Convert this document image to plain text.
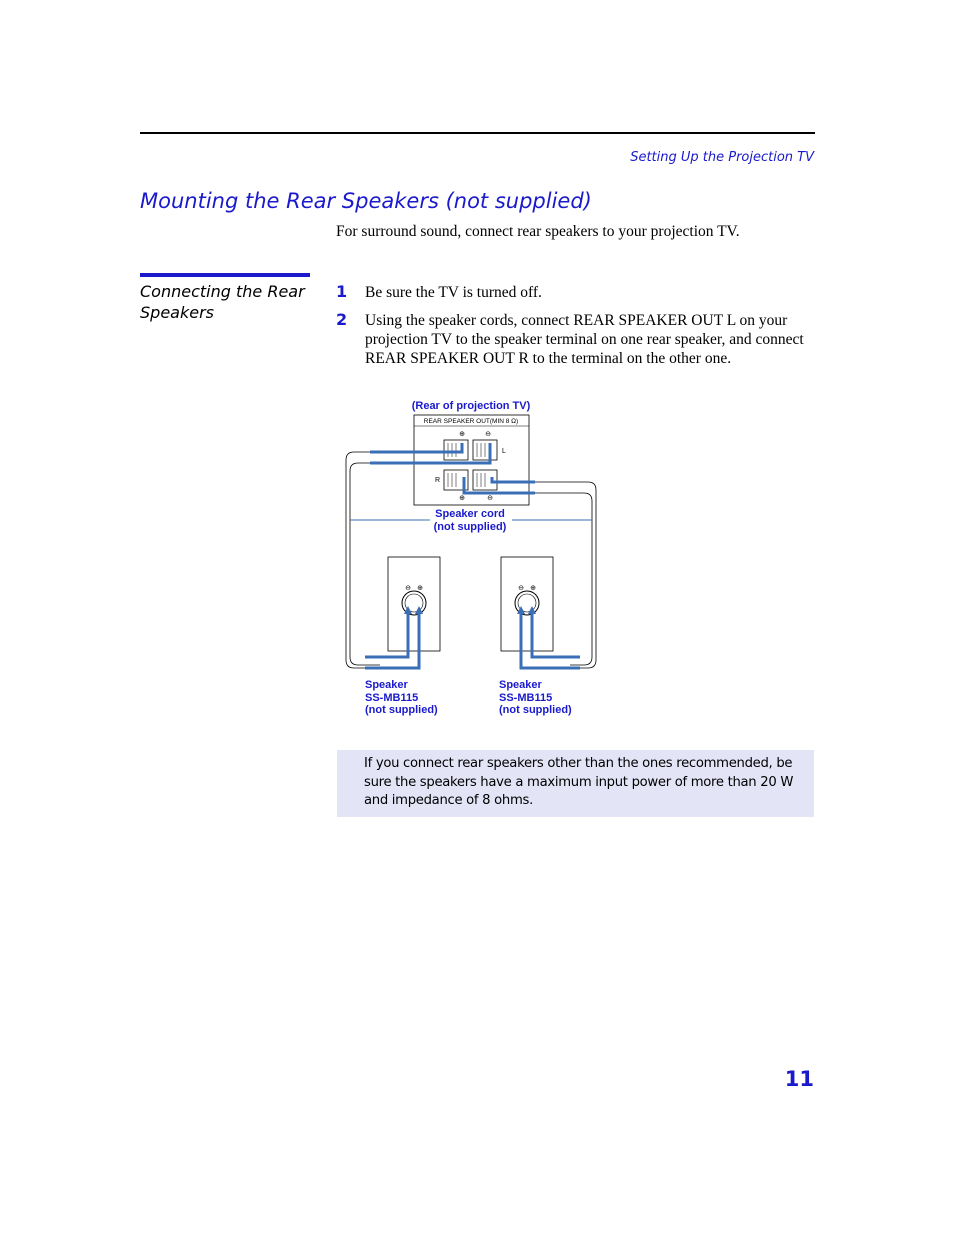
Setting Up the Projection TV
Mounting the Rear Speakers (not supplied)
For surround sound, connect rear speakers to your projection TV.
Connecting the Rear Speakers
1 Be sure the TV is turned off.
2 Using the speaker cords, connect REAR SPEAKER OUT L on your projection TV to the speaker terminal on one rear speaker, and connect REAR SPEAKER OUT R to the terminal on the other one.
(Rear of projection TV)
REAR SPEAKER OUT(MIN 8 Ω)
⊕	⊖
⊕	⊖
L
R
Speaker cord
(not supplied)
⊖ ⊕	⊖ ⊕
Speaker
SS-MB115
(not supplied)
Speaker
SS-MB115
(not supplied)
If you connect rear speakers other than the ones recommended, be sure the speakers have a maximum input power of more than 20 W and impedance of 8 ohms.
11
